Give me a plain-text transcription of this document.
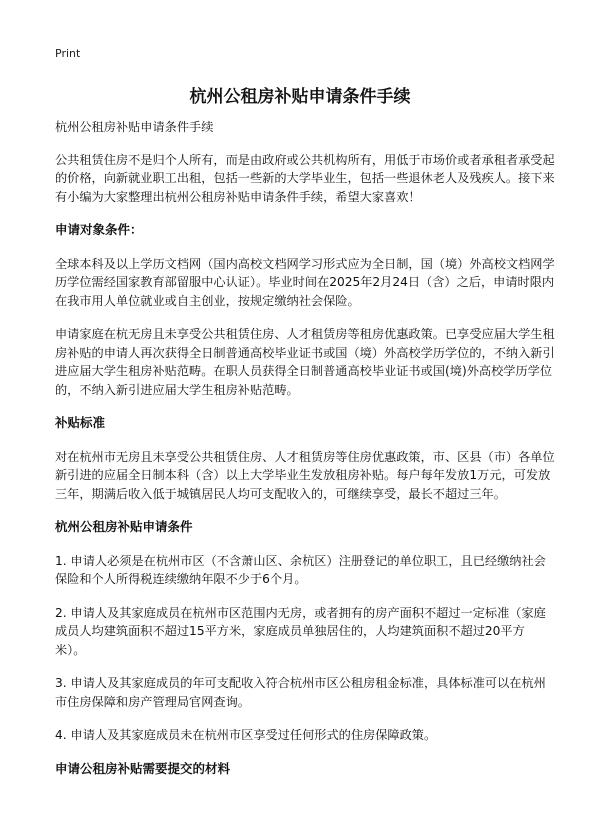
Print
杭州公租房补贴申请条件手续

杭州公租房补贴申请条件手续

公共租赁住房不是归个人所有，而是由政府或公共机构所有，用低于市场价或者承租者承受起的价格，向新就业职工出租，包括一些新的大学毕业生，包括一些退休老人及残疾人。接下来有小编为大家整理出杭州公租房补贴申请条件手续，希望大家喜欢！

申请对象条件：

全球本科及以上学历文档网（国内高校文档网学习形式应为全日制，国（境）外高校文档网学历学位需经国家教育部留服中心认证）。毕业时间在2025年2月24日（含）之后，申请时限内在我市用人单位就业或自主创业，按规定缴纳社会保险。

申请家庭在杭无房且未享受公共租赁住房、人才租赁房等租房优惠政策。已享受应届大学生租房补贴的申请人再次获得全日制普通高校毕业证书或国（境）外高校学历学位的，不纳入新引进应届大学生租房补贴范畴。在职人员获得全日制普通高校毕业证书或国(境)外高校学历学位的，不纳入新引进应届大学生租房补贴范畴。

补贴标准

对在杭州市无房且未享受公共租赁住房、人才租赁房等住房优惠政策，市、区县（市）各单位新引进的应届全日制本科（含）以上大学毕业生发放租房补贴。每户每年发放1万元，可发放三年，期满后收入低于城镇居民人均可支配收入的，可继续享受，最长不超过三年。

杭州公租房补贴申请条件

1. 申请人必须是在杭州市区（不含萧山区、余杭区）注册登记的单位职工，且已经缴纳社会保险和个人所得税连续缴纳年限不少于6个月。

2. 申请人及其家庭成员在杭州市区范围内无房，或者拥有的房产面积不超过一定标准（家庭成员人均建筑面积不超过15平方米，家庭成员单独居住的，人均建筑面积不超过20平方米）。

3. 申请人及其家庭成员的年可支配收入符合杭州市区公租房租金标准，具体标准可以在杭州市住房保障和房产管理局官网查询。

4. 申请人及其家庭成员未在杭州市区享受过任何形式的住房保障政策。

申请公租房补贴需要提交的材料
